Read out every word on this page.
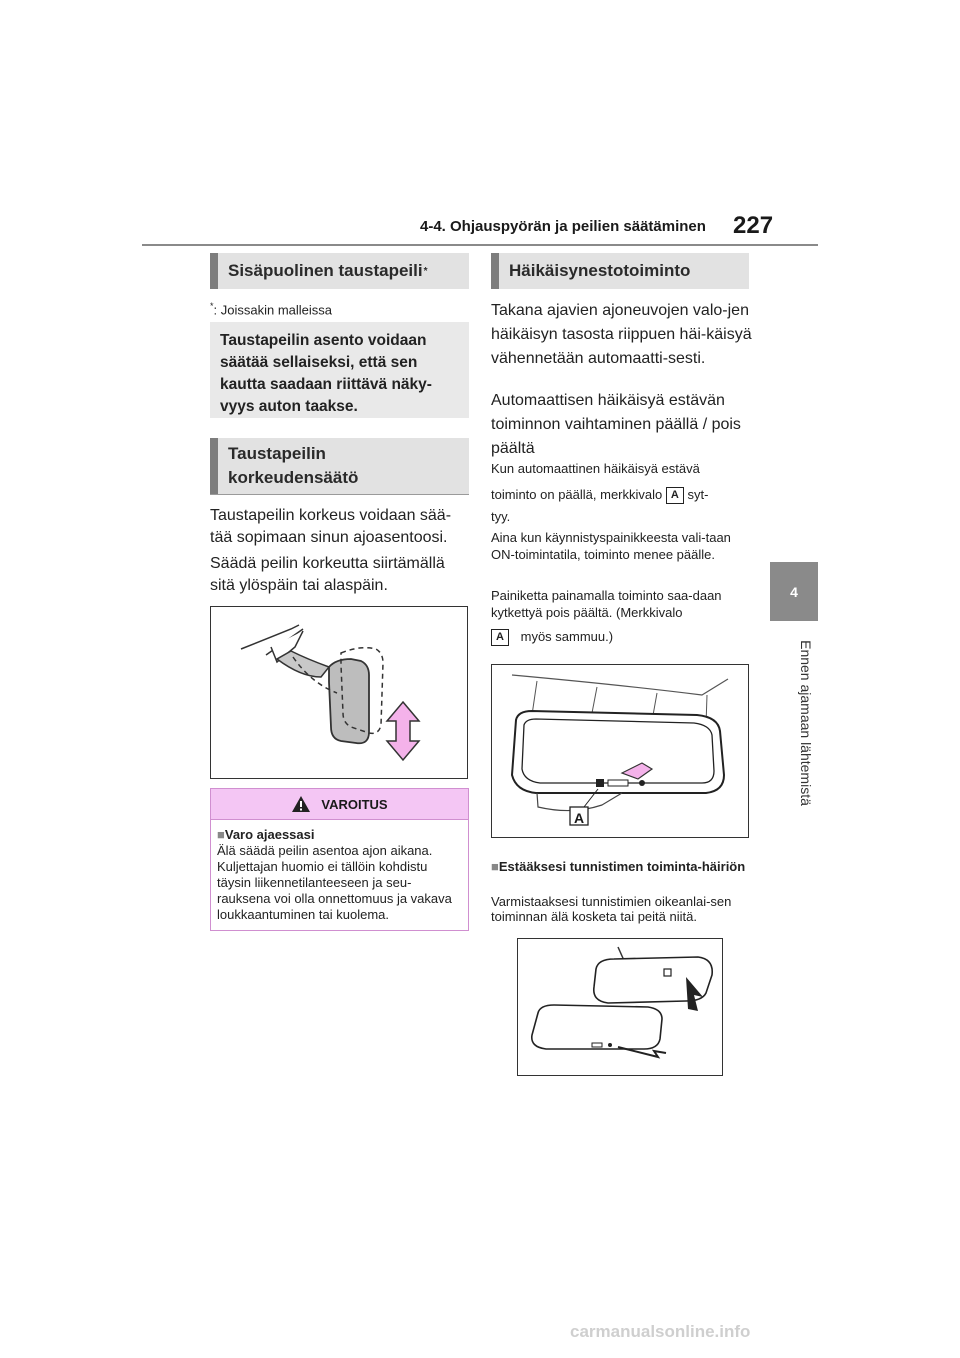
4-4. Ohjauspyörän ja peilien säätäminen 227
4
Ennen ajamaan lähtemistä
Sisäpuolinen taustapeili *
*: Joissakin malleissa
Taustapeilin asento voidaan säätää sellaiseksi, että sen kautta saadaan riittävä näky-vyys auton taakse.
Taustapeilin
korkeudensäätö
Taustapeilin korkeus voidaan sää-tää sopimaan sinun ajoasentoosi.
Säädä peilin korkeutta siirtämällä sitä ylöspäin tai alaspäin.
VAROITUS
■Varo ajaessasi
Älä säädä peilin asentoa ajon aikana. Kuljettajan huomio ei tällöin kohdistu täysin liikennetilanteeseen ja seu-rauksena voi olla onnettomuus ja vakava loukkaantuminen tai kuolema.
Häikäisynestotoiminto
Takana ajavien ajoneuvojen valo-jen häikäisyn tasosta riippuen häi-käisyä vähennetään automaatti-sesti.
Automaattisen häikäisyä estävän toiminnon vaihtaminen päällä / pois päältä
Kun automaattinen häikäisyä estävä
toiminto on päällä, merkkivalo A syt-
tyy.
Aina kun käynnistyspainikkeesta vali-taan ON-toimintatila, toiminto menee päälle.
Painiketta painamalla toiminto saa-daan kytkettyä pois päältä. (Merkkivalo
A myös sammuu.)
A
■Estääksesi tunnistimen toiminta-häiriön
Varmistaaksesi tunnistimien oikeanlai-sen toiminnan älä kosketa tai peitä niitä.
carmanualsonline.info
